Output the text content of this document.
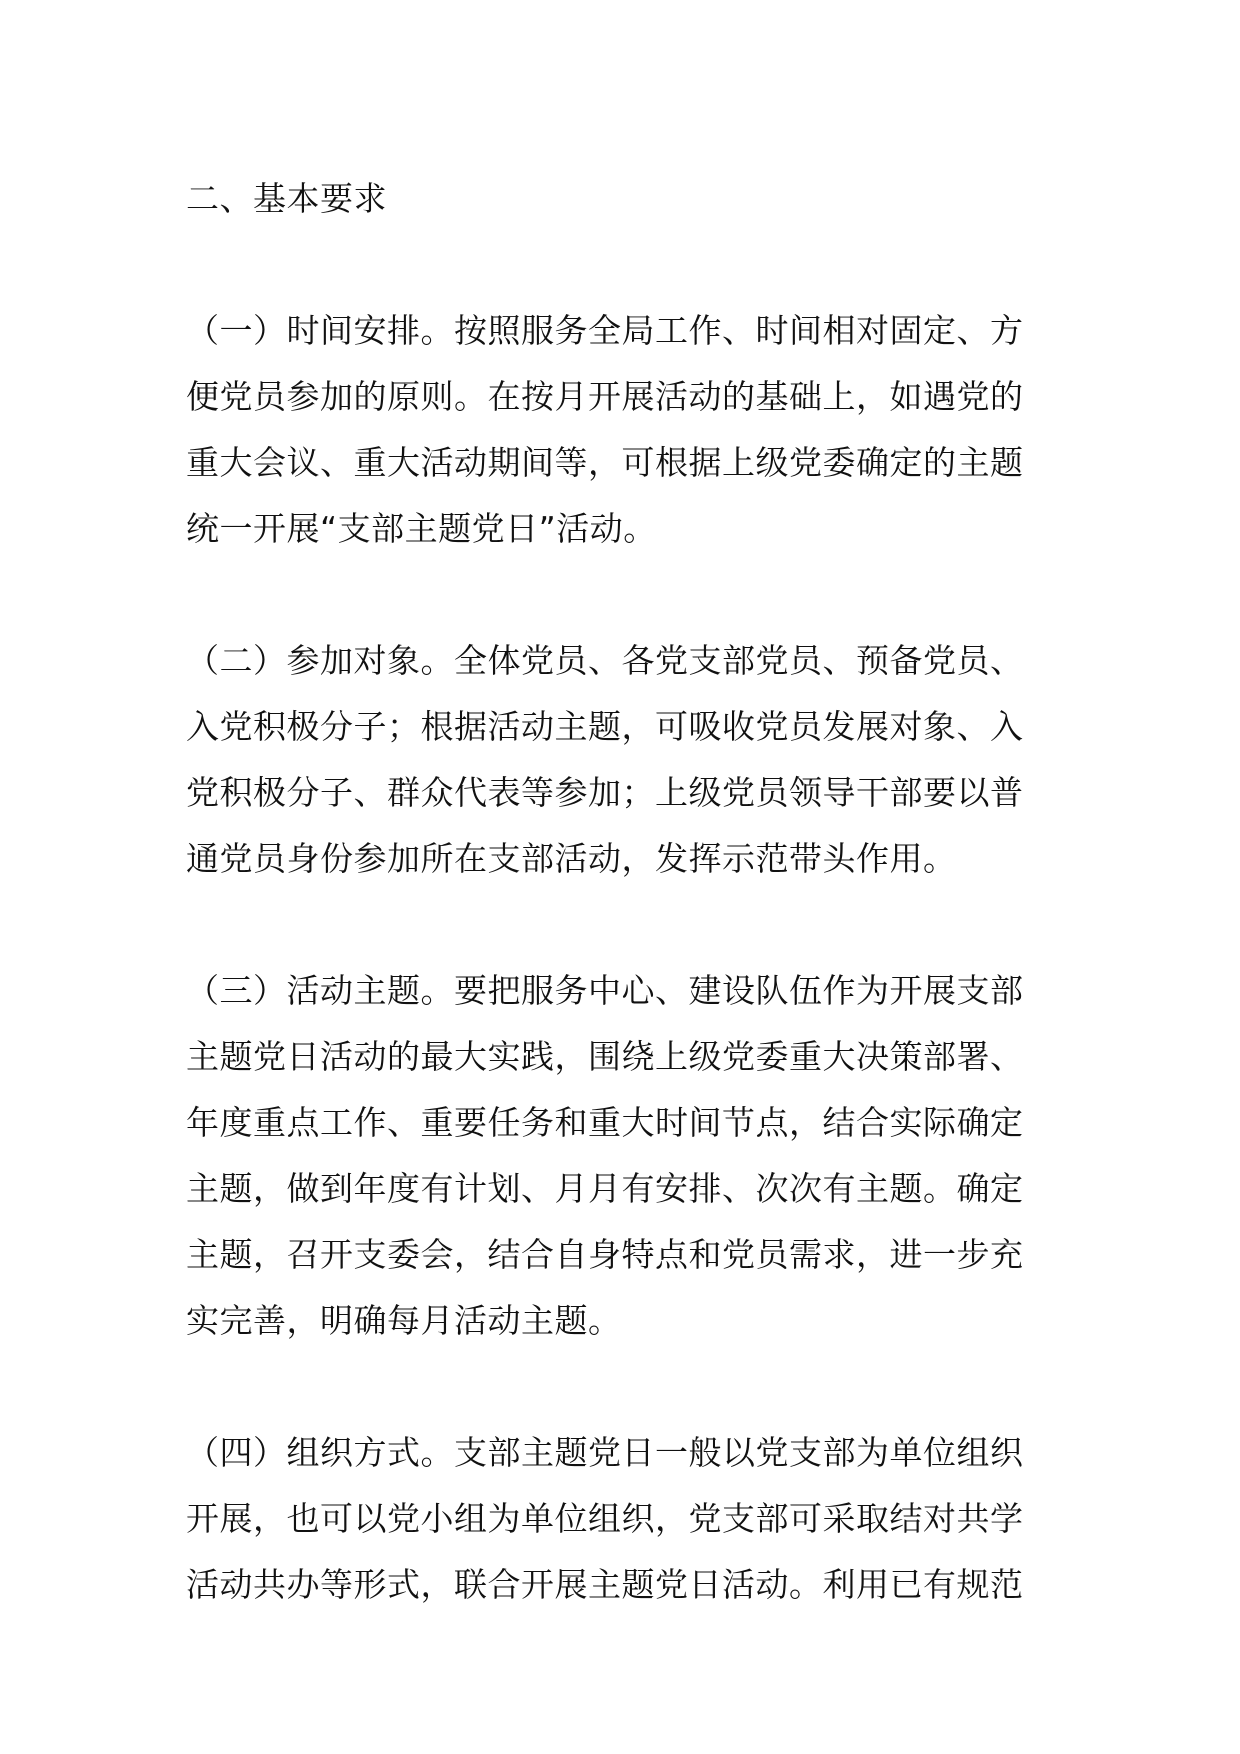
二、基本要求

（一）时间安排。按照服务全局工作、时间相对固定、方
便党员参加的原则。在按月开展活动的基础上，如遇党的
重大会议、重大活动期间等，可根据上级党委确定的主题
统一开展“支部主题党日”活动。

（二）参加对象。全体党员、各党支部党员、预备党员、
入党积极分子；根据活动主题，可吸收党员发展对象、入
党积极分子、群众代表等参加；上级党员领导干部要以普
通党员身份参加所在支部活动，发挥示范带头作用。

（三）活动主题。要把服务中心、建设队伍作为开展支部
主题党日活动的最大实践，围绕上级党委重大决策部署、
年度重点工作、重要任务和重大时间节点，结合实际确定
主题，做到年度有计划、月月有安排、次次有主题。确定
主题，召开支委会，结合自身特点和党员需求，进一步充
实完善，明确每月活动主题。

（四）组织方式。支部主题党日一般以党支部为单位组织
开展，也可以党小组为单位组织，党支部可采取结对共学
活动共办等形式，联合开展主题党日活动。利用已有规范
